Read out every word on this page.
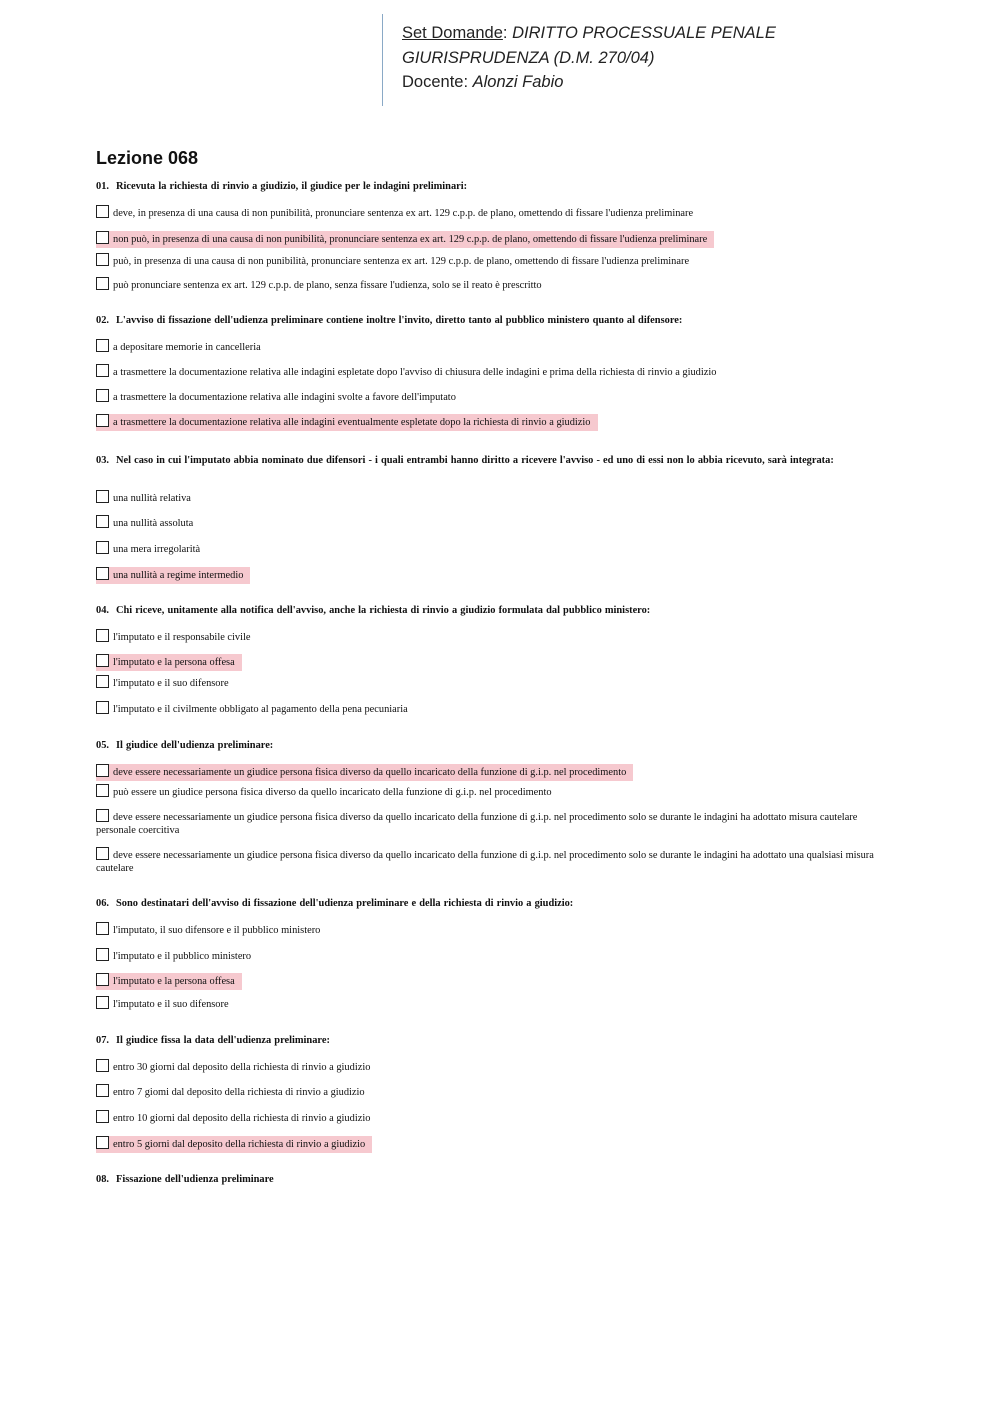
Set Domande: DIRITTO PROCESSUALE PENALE
GIURISPRUDENZA (D.M. 270/04)
Docente: Alonzi Fabio
Lezione 068

01. Ricevuta la richiesta di rinvio a giudizio, il giudice per le indagini preliminari:

deve, in presenza di una causa di non punibilità, pronunciare sentenza ex art. 129 c.p.p. de plano, omettendo di fissare l'udienza preliminare
non può, in presenza di una causa di non punibilità, pronunciare sentenza ex art. 129 c.p.p. de plano, omettendo di fissare l'udienza preliminare
può, in presenza di una causa di non punibilità, pronunciare sentenza ex art. 129 c.p.p. de plano, omettendo di fissare l'udienza preliminare
può pronunciare sentenza ex art. 129 c.p.p. de plano, senza fissare l'udienza, solo se il reato è prescritto

02. L'avviso di fissazione dell'udienza preliminare contiene inoltre l'invito, diretto tanto al pubblico ministero quanto al difensore:

a depositare memorie in cancelleria
a trasmettere la documentazione relativa alle indagini espletate dopo l'avviso di chiusura delle indagini e prima della richiesta di rinvio a giudizio
a trasmettere la documentazione relativa alle indagini svolte a favore dell'imputato
a trasmettere la documentazione relativa alle indagini eventualmente espletate dopo la richiesta di rinvio a giudizio

03. Nel caso in cui l'imputato abbia nominato due difensori - i quali entrambi hanno diritto a ricevere l'avviso - ed uno di essi non lo abbia ricevuto, sarà integrata:

una nullità relativa
una nullità assoluta
una mera irregolarità
una nullità a regime intermedio

04. Chi riceve, unitamente alla notifica dell'avviso, anche la richiesta di rinvio a giudizio formulata dal pubblico ministero:

l'imputato e il responsabile civile
l'imputato e la persona offesa
l'imputato e il suo difensore
l'imputato e il civilmente obbligato al pagamento della pena pecuniaria

05. Il giudice dell'udienza preliminare:

deve essere necessariamente un giudice persona fisica diverso da quello incaricato della funzione di g.i.p. nel procedimento
può essere un giudice persona fisica diverso da quello incaricato della funzione di g.i.p. nel procedimento
deve essere necessariamente un giudice persona fisica diverso da quello incaricato della funzione di g.i.p. nel procedimento solo se durante le indagini ha adottato misura cautelare personale coercitiva
deve essere necessariamente un giudice persona fisica diverso da quello incaricato della funzione di g.i.p. nel procedimento solo se durante le indagini ha adottato una qualsiasi misura cautelare

06. Sono destinatari dell'avviso di fissazione dell'udienza preliminare e della richiesta di rinvio a giudizio:

l'imputato, il suo difensore e il pubblico ministero
l'imputato e il pubblico ministero
l'imputato e la persona offesa
l'imputato e il suo difensore

07. Il giudice fissa la data dell'udienza preliminare:

entro 30 giorni dal deposito della richiesta di rinvio a giudizio
entro 7 giomi dal deposito della richiesta di rinvio a giudizio
entro 10 giorni dal deposito della richiesta di rinvio a giudizio
entro 5 giorni dal deposito della richiesta di rinvio a giudizio

08. Fissazione dell'udienza preliminare
